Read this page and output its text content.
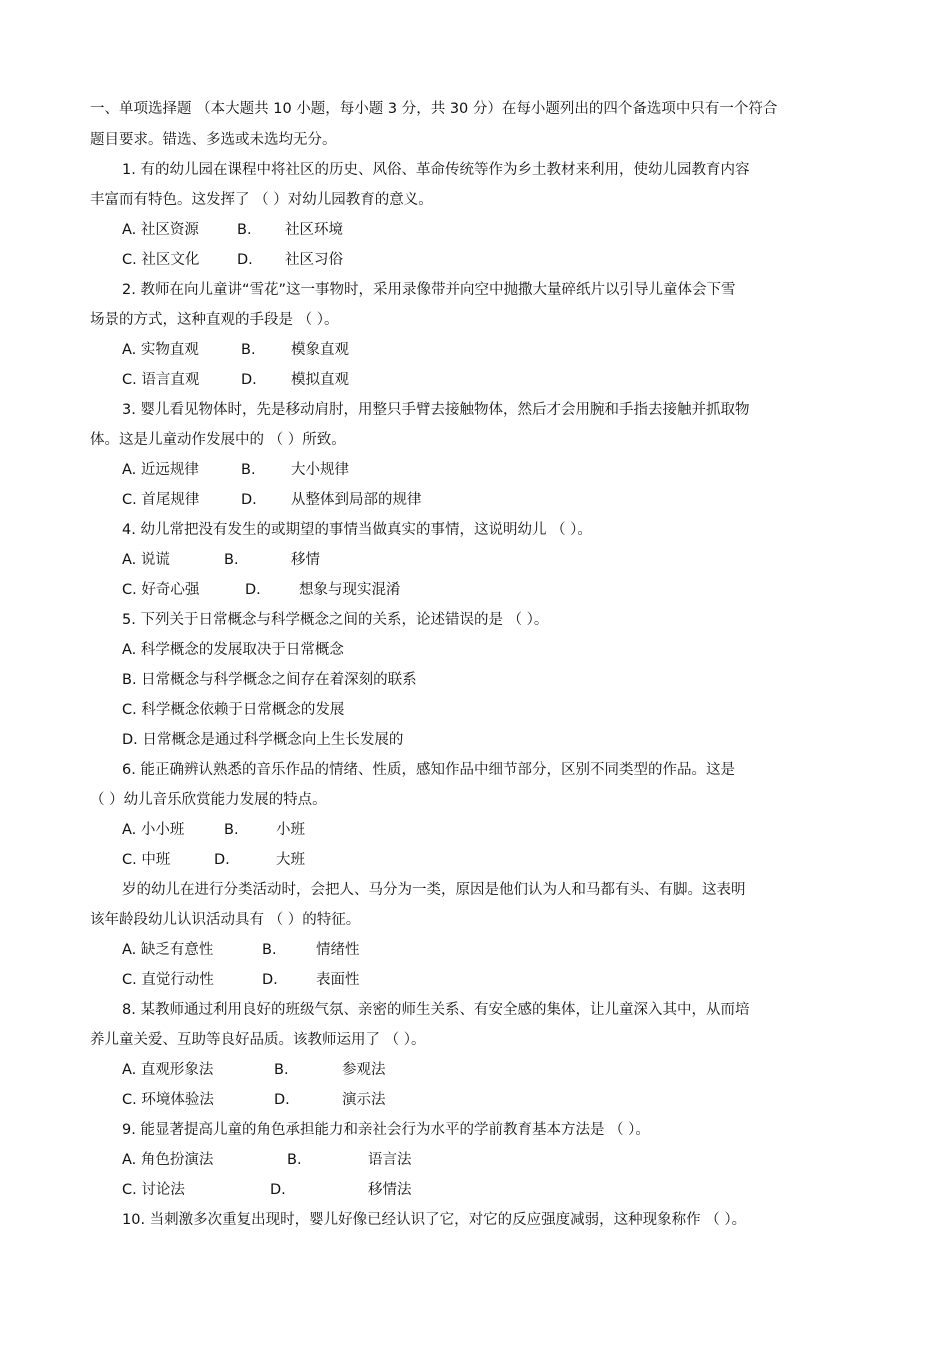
一、单项选择题 （本大题共 10 小题，每小题 3 分，共 30 分）在每小题列出的四个备选项中只有一个符合
题目要求。错选、多选或未选均无分。
1. 有的幼儿园在课程中将社区的历史、风俗、革命传统等作为乡土教材来利用，使幼儿园教育内容
丰富而有特色。这发挥了 （ ）对幼儿园教育的意义。
A. 社区资源	B. 社区环境
C. 社区文化	D. 社区习俗
2. 教师在向儿童讲“雪花”这一事物时，采用录像带并向空中抛撒大量碎纸片以引导儿童体会下雪
场景的方式，这种直观的手段是 （ ）。
A. 实物直观	B. 模象直观
C. 语言直观	D. 模拟直观
3. 婴儿看见物体时，先是移动肩肘，用整只手臂去接触物体，然后才会用腕和手指去接触并抓取物
体。这是儿童动作发展中的 （ ）所致。
A. 近远规律	B. 大小规律
C. 首尾规律	D. 从整体到局部的规律
4. 幼儿常把没有发生的或期望的事情当做真实的事情，这说明幼儿 （ ）。
A. 说谎	B.	移情
C. 好奇心强	D.	想象与现实混淆
5. 下列关于日常概念与科学概念之间的关系，论述错误的是 （ ）。
A. 科学概念的发展取决于日常概念
B. 日常概念与科学概念之间存在着深刻的联系
C. 科学概念依赖于日常概念的发展
D. 日常概念是通过科学概念向上生长发展的
6. 能正确辨认熟悉的音乐作品的情绪、性质，感知作品中细节部分，区别不同类型的作品。这是
（ ）幼儿音乐欣赏能力发展的特点。
A. 小小班	B.	小班
C. 中班	D.	大班
岁的幼儿在进行分类活动时，会把人、马分为一类，原因是他们认为人和马都有头、有脚。这表明
该年龄段幼儿认识活动具有 （ ）的特征。
A. 缺乏有意性	B.	情绪性
C. 直觉行动性	D.	表面性
8. 某教师通过利用良好的班级气氛、亲密的师生关系、有安全感的集体，让儿童深入其中，从而培
养儿童关爱、互助等良好品质。该教师运用了 （ ）。
A. 直观形象法	B.	参观法
C. 环境体验法	D.	演示法
9. 能显著提高儿童的角色承担能力和亲社会行为水平的学前教育基本方法是 （ ）。
A. 角色扮演法	B.	语言法
C. 讨论法	D.	移情法
10. 当刺激多次重复出现时，婴儿好像已经认识了它，对它的反应强度减弱，这种现象称作 （ ）。
